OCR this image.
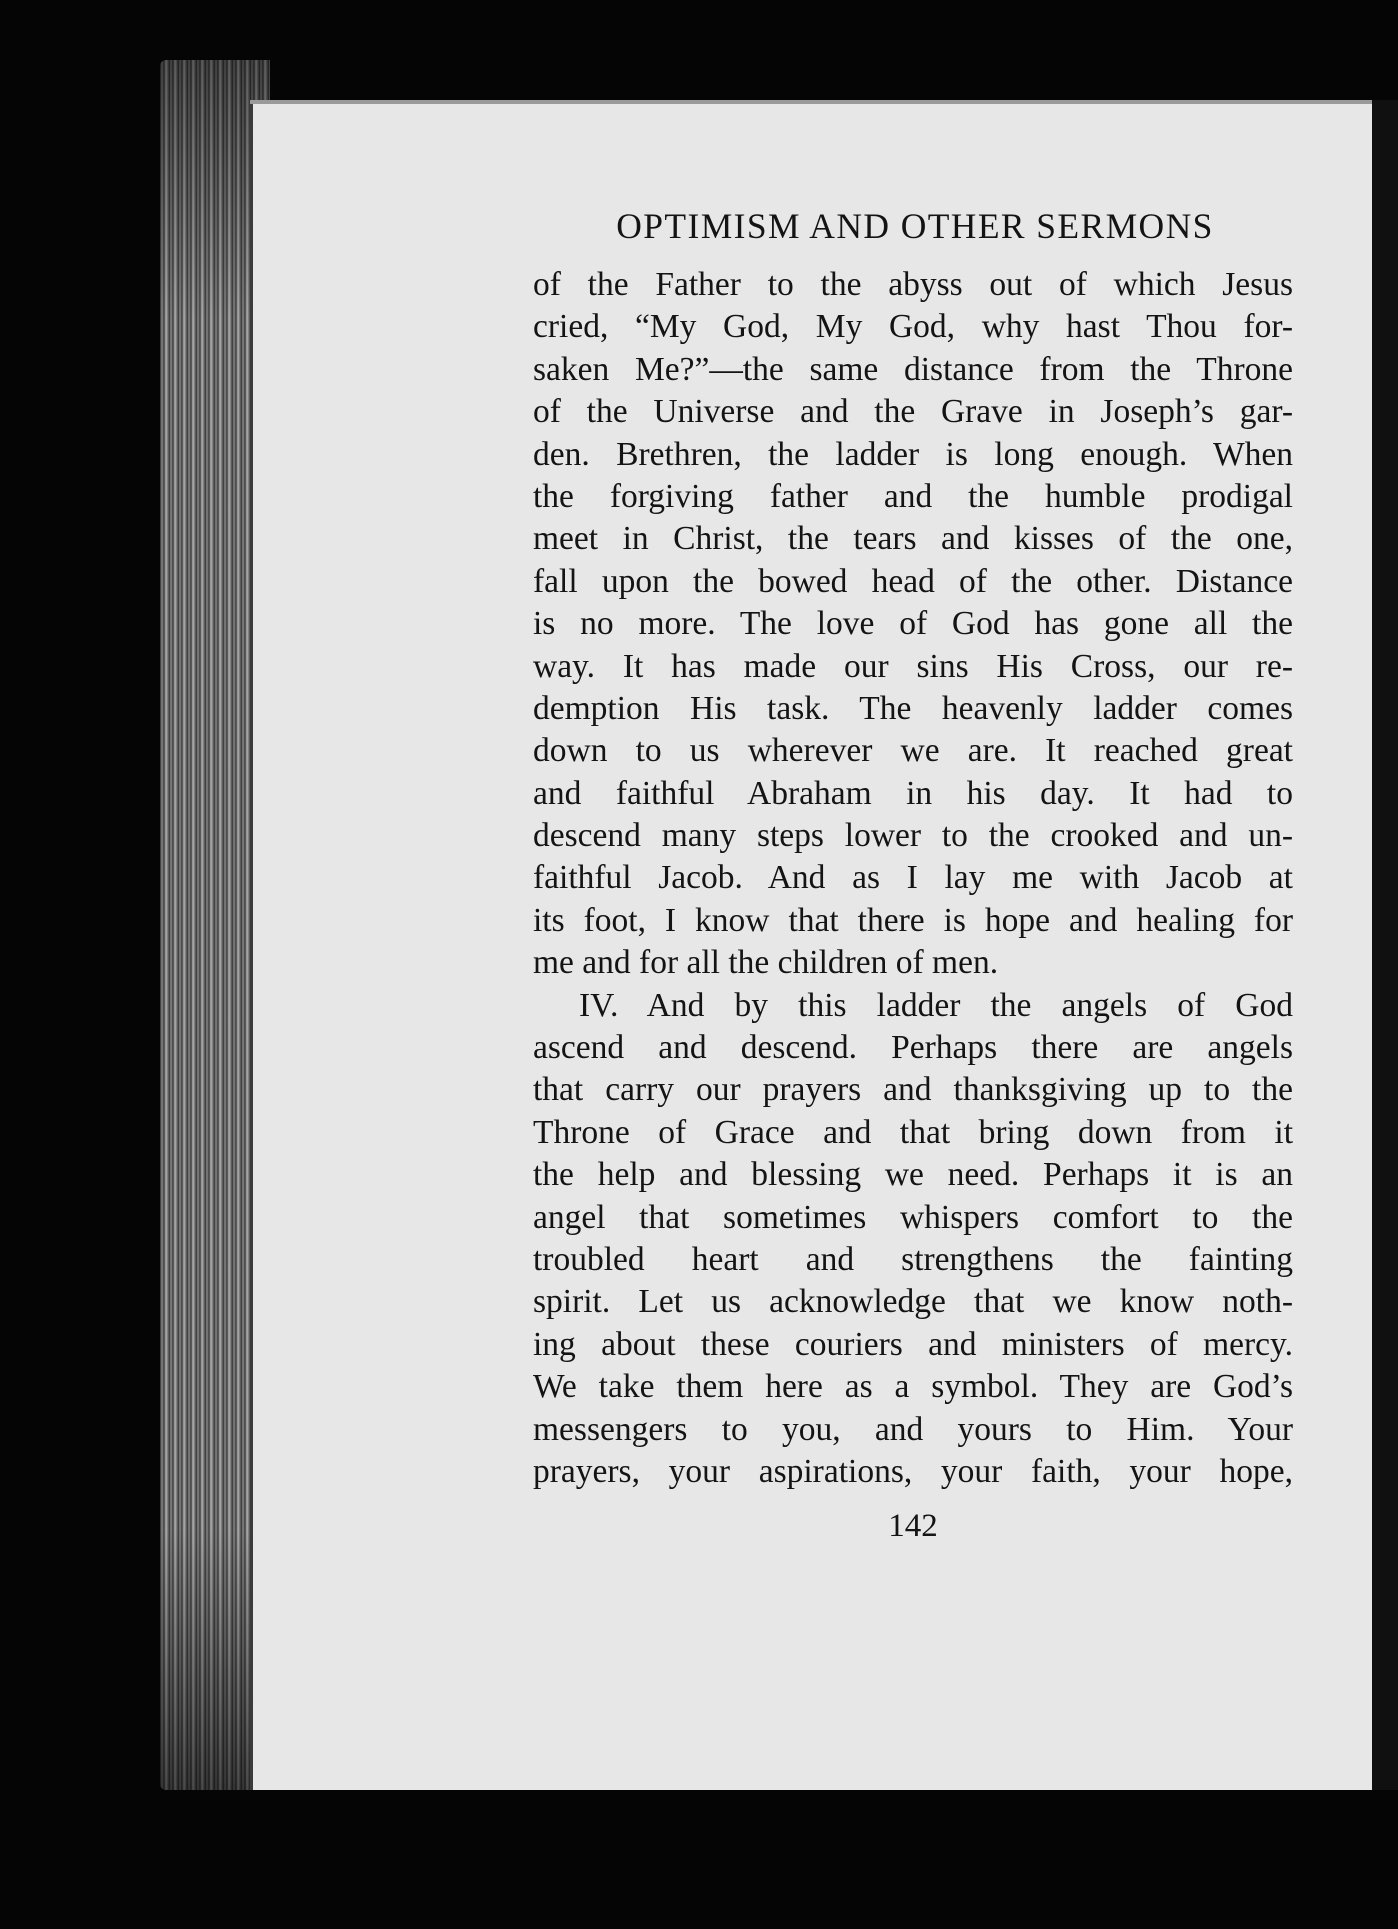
OPTIMISM AND OTHER SERMONS
of the Father to the abyss out of which Jesus
cried, “My God, My God, why hast Thou for-
saken Me?”—the same distance from the Throne
of the Universe and the Grave in Joseph’s gar-
den. Brethren, the ladder is long enough. When
the forgiving father and the humble prodigal
meet in Christ, the tears and kisses of the one,
fall upon the bowed head of the other. Distance
is no more. The love of God has gone all the
way. It has made our sins His Cross, our re-
demption His task. The heavenly ladder comes
down to us wherever we are. It reached great
and faithful Abraham in his day. It had to
descend many steps lower to the crooked and un-
faithful Jacob. And as I lay me with Jacob at
its foot, I know that there is hope and healing for
me and for all the children of men.
IV. And by this ladder the angels of God
ascend and descend. Perhaps there are angels
that carry our prayers and thanksgiving up to the
Throne of Grace and that bring down from it
the help and blessing we need. Perhaps it is an
angel that sometimes whispers comfort to the
troubled heart and strengthens the fainting
spirit. Let us acknowledge that we know noth-
ing about these couriers and ministers of mercy.
We take them here as a symbol. They are God’s
messengers to you, and yours to Him. Your
prayers, your aspirations, your faith, your hope,
142
